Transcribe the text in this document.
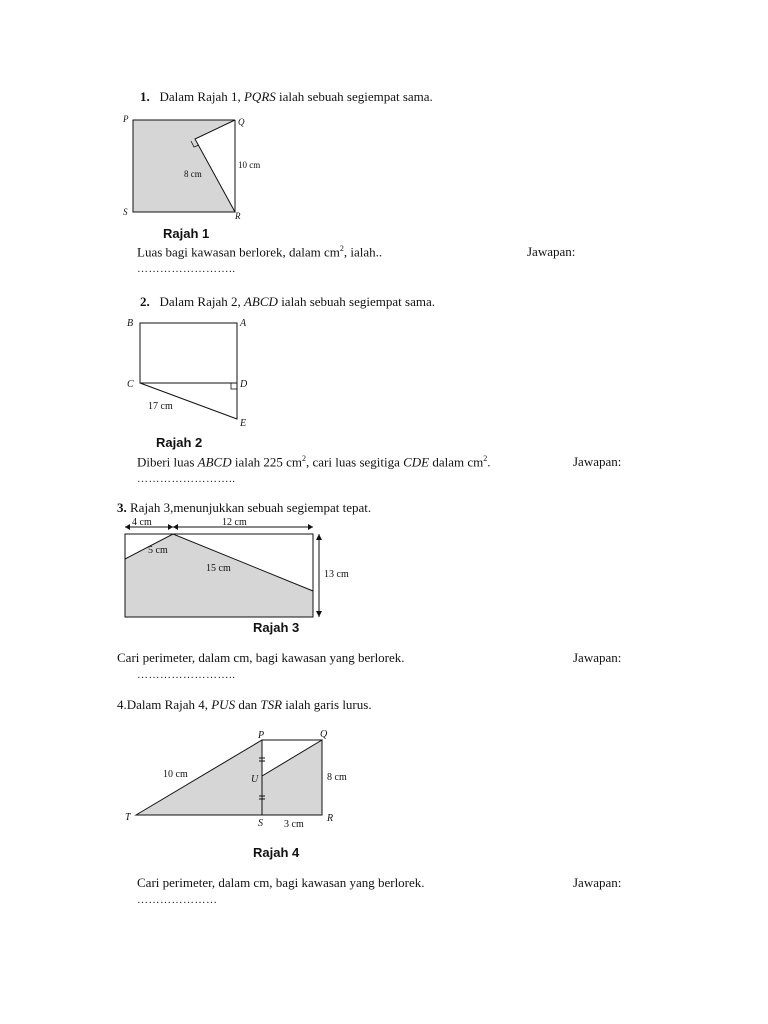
1. Dalam Rajah 1, PQRS ialah sebuah segiempat sama.
P	Q
R
S
10 cm
8 cm
Rajah 1
Luas bagi kawasan berlorek, dalam $cm^2$, ialah..	Jawapan:
……………………..
2. Dalam Rajah 2, ABCD ialah sebuah segiempat sama.
B	A
C	D
E
17 cm
Rajah 2
Diberi luas ABCD ialah 225 $cm^2$, cari luas segitiga CDE dalam $cm^2$.	Jawapan:
……………………..
3. Rajah 3,menunjukkan sebuah segiempat tepat.
4 cm	12 cm
5 cm
15 cm
13 cm
Rajah 3
Cari perimeter, dalam cm, bagi kawasan yang berlorek.	Jawapan:
……………………..
4.Dalam Rajah 4, PUS dan TSR ialah garis lurus.
P	Q
R
S
T
U
10 cm	8 cm
3 cm
Rajah 4
Cari perimeter, dalam cm, bagi kawasan yang berlorek.	Jawapan:
…………………
